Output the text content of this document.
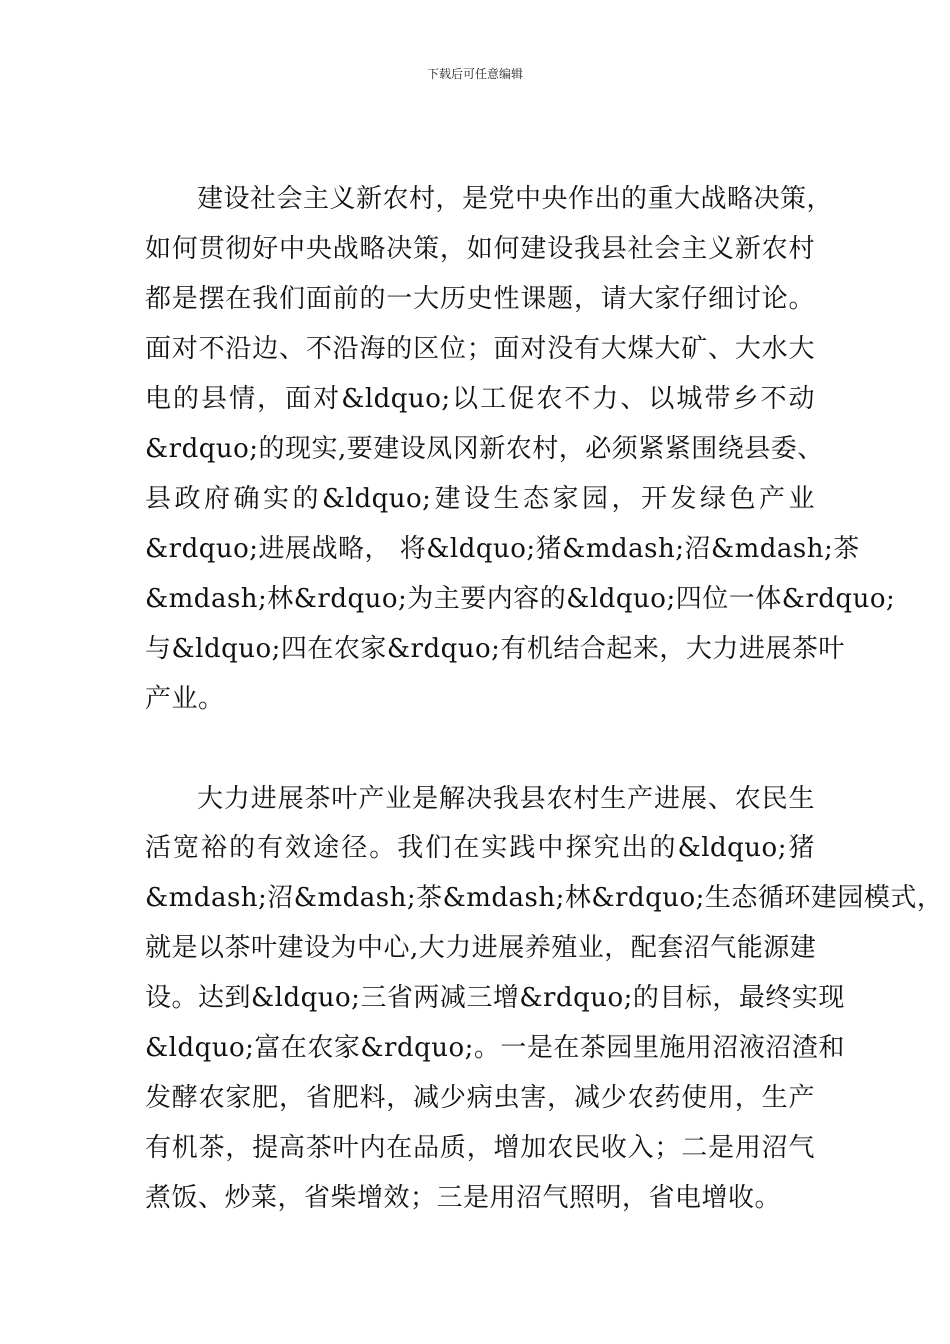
下载后可任意编辑
建设社会主义新农村，是党中央作出的重大战略决策，
如何贯彻好中央战略决策，如何建设我县社会主义新农村
都是摆在我们面前的一大历史性课题，请大家仔细讨论。
面对不沿边、不沿海的区位；面对没有大煤大矿、大水大
电的县情，面对&ldquo;以工促农不力、以城带乡不动
&rdquo;的现实,要建设凤冈新农村，必须紧紧围绕县委、
县政府确实的&ldquo;建设生态家园，开发绿色产业
&rdquo;进展战略， 将&ldquo;猪&mdash;沼&mdash;茶
&mdash;林&rdquo;为主要内容的&ldquo;四位一体&rdquo;
与&ldquo;四在农家&rdquo;有机结合起来，大力进展茶叶
产业。
大力进展茶叶产业是解决我县农村生产进展、农民生
活宽裕的有效途径。我们在实践中探究出的&ldquo;猪
&mdash;沼&mdash;茶&mdash;林&rdquo;生态循环建园模式，
就是以茶叶建设为中心,大力进展养殖业，配套沼气能源建
设。达到&ldquo;三省两减三增&rdquo;的目标，最终实现
&ldquo;富在农家&rdquo;。一是在茶园里施用沼液沼渣和
发酵农家肥，省肥料，减少病虫害，减少农药使用，生产
有机茶，提高茶叶内在品质，增加农民收入；二是用沼气
煮饭、炒菜，省柴增效；三是用沼气照明，省电增收。
